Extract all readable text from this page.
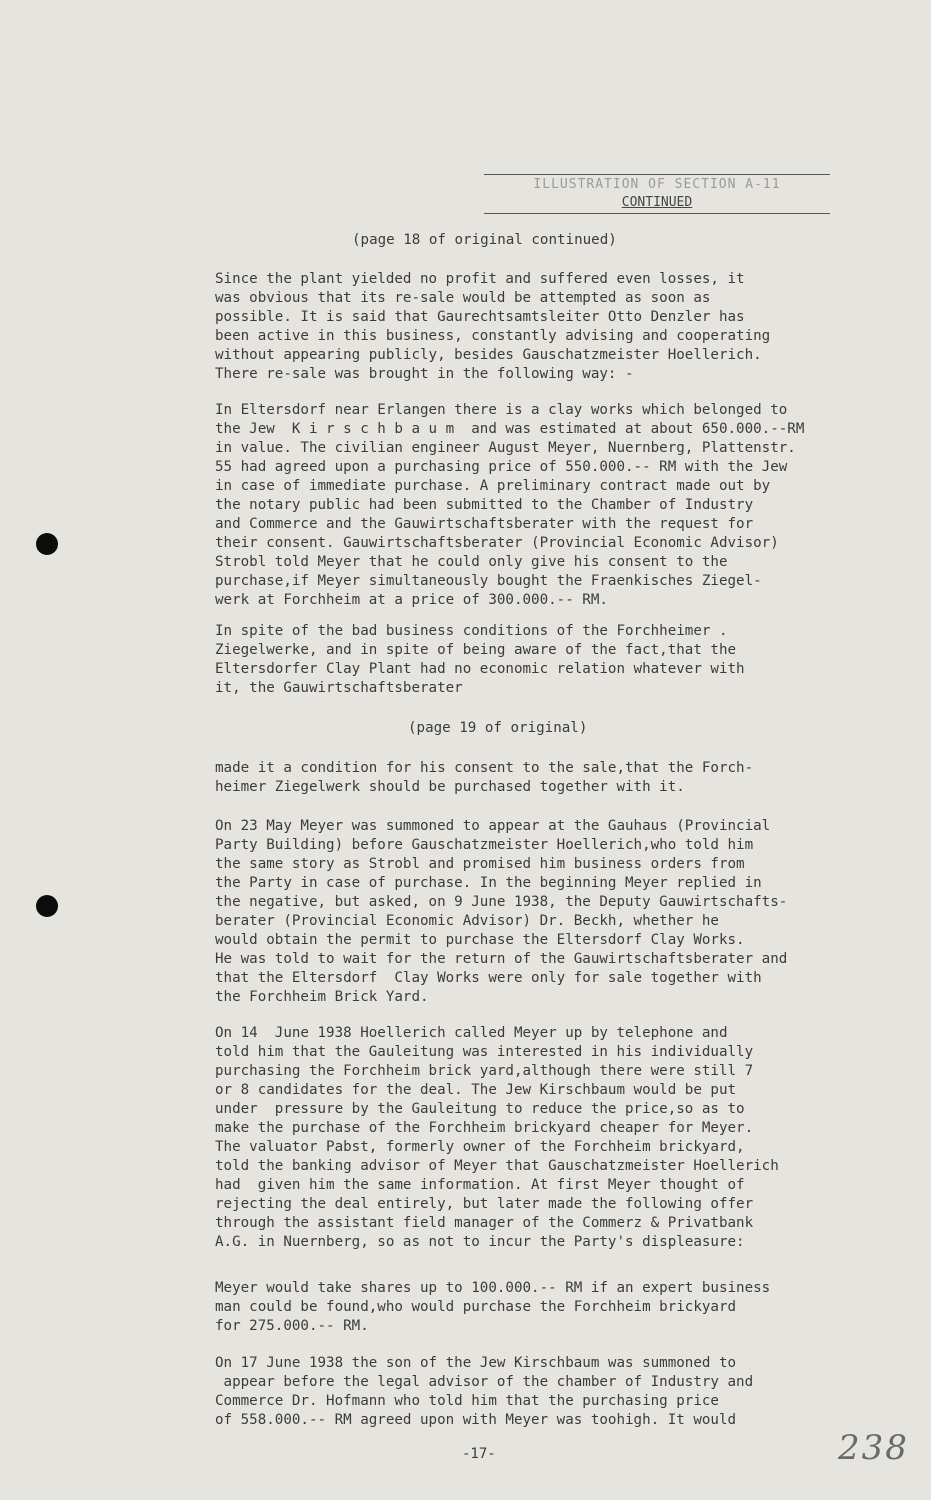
ILLUSTRATION OF SECTION A-11
CONTINUED
(page 18 of original continued)
Since the plant yielded no profit and suffered even losses, it
was obvious that its re-sale would be attempted as soon as
possible. It is said that Gaurechtsamtsleiter Otto Denzler has
been active in this business, constantly advising and cooperating
without appearing publicly, besides Gauschatzmeister Hoellerich.
There re-sale was brought in the following way: -
In Eltersdorf near Erlangen there is a clay works which belonged to
the Jew  K i r s c h b a u m  and was estimated at about 650.000.--RM
in value. The civilian engineer August Meyer, Nuernberg, Plattenstr.
55 had agreed upon a purchasing price of 550.000.-- RM with the Jew
in case of immediate purchase. A preliminary contract made out by
the notary public had been submitted to the Chamber of Industry
and Commerce and the Gauwirtschaftsberater with the request for
their consent. Gauwirtschaftsberater (Provincial Economic Advisor)
Strobl told Meyer that he could only give his consent to the
purchase,if Meyer simultaneously bought the Fraenkisches Ziegel-
werk at Forchheim at a price of 300.000.-- RM.
In spite of the bad business conditions of the Forchheimer .
Ziegelwerke, and in spite of being aware of the fact,that the
Eltersdorfer Clay Plant had no economic relation whatever with
it, the Gauwirtschaftsberater
made it a condition for his consent to the sale,that the Forch-
heimer Ziegelwerk should be purchased together with it.
On 23 May Meyer was summoned to appear at the Gauhaus (Provincial
Party Building) before Gauschatzmeister Hoellerich,who told him
the same story as Strobl and promised him business orders from
the Party in case of purchase. In the beginning Meyer replied in
the negative, but asked, on 9 June 1938, the Deputy Gauwirtschafts-
berater (Provincial Economic Advisor) Dr. Beckh, whether he
would obtain the permit to purchase the Eltersdorf Clay Works.
He was told to wait for the return of the Gauwirtschaftsberater and
that the Eltersdorf  Clay Works were only for sale together with
the Forchheim Brick Yard.
On 14  June 1938 Hoellerich called Meyer up by telephone and
told him that the Gauleitung was interested in his individually
purchasing the Forchheim brick yard,although there were still 7
or 8 candidates for the deal. The Jew Kirschbaum would be put
under  pressure by the Gauleitung to reduce the price,so as to
make the purchase of the Forchheim brickyard cheaper for Meyer.
The valuator Pabst, formerly owner of the Forchheim brickyard,
told the banking advisor of Meyer that Gauschatzmeister Hoellerich
had  given him the same information. At first Meyer thought of
rejecting the deal entirely, but later made the following offer
through the assistant field manager of the Commerz & Privatbank
A.G. in Nuernberg, so as not to incur the Party's displeasure:
Meyer would take shares up to 100.000.-- RM if an expert business
man could be found,who would purchase the Forchheim brickyard
for 275.000.-- RM.
On 17 June 1938 the son of the Jew Kirschbaum was summoned to
appear before the legal advisor of the chamber of Industry and
Commerce Dr. Hofmann who told him that the purchasing price
of 558.000.-- RM agreed upon with Meyer was toohigh. It would
(page 19 of original)
-17-	238
